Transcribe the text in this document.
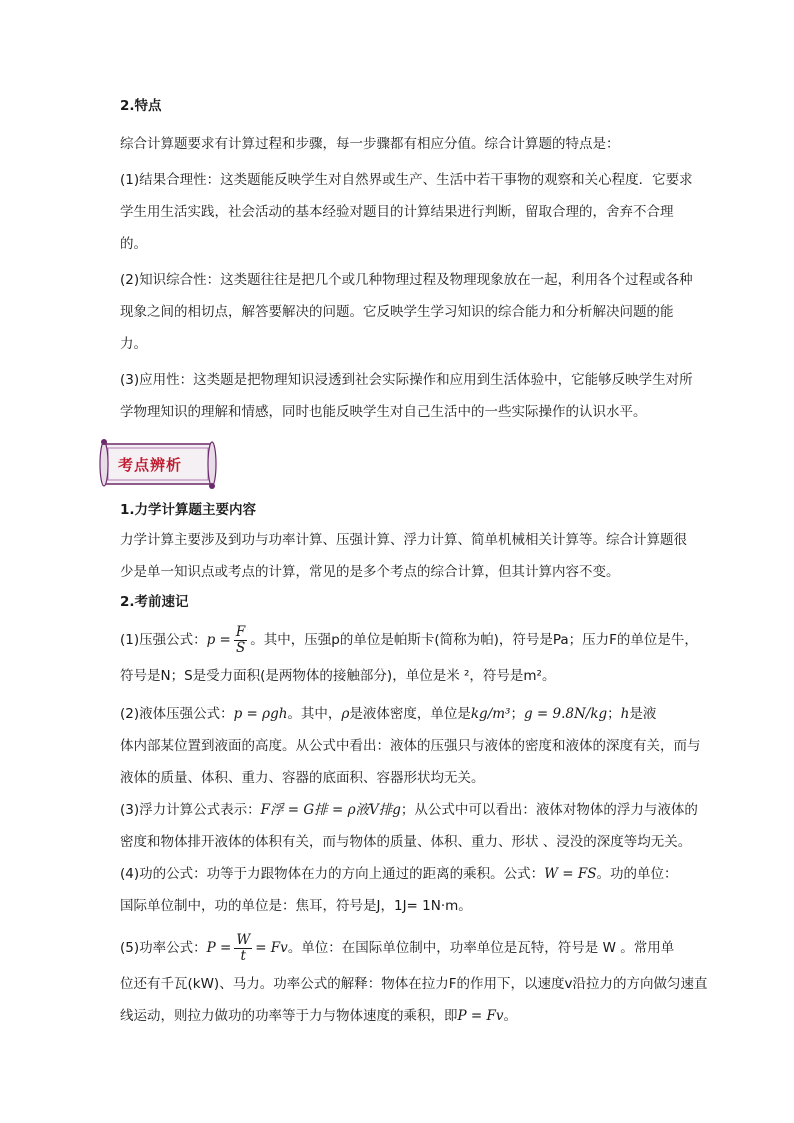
2.特点
综合计算题要求有计算过程和步骤，每一步骤都有相应分值。综合计算题的特点是：
(1)结果合理性：这类题能反映学生对自然界或生产、生活中若干事物的观察和关心程度．它要求学生用生活实践，社会活动的基本经验对题目的计算结果进行判断，留取合理的，舍弃不合理的。
(2)知识综合性：这类题往往是把几个或几种物理过程及物理现象放在一起，利用各个过程或各种现象之间的相切点，解答要解决的问题。它反映学生学习知识的综合能力和分析解决问题的能力。
(3)应用性：这类题是把物理知识浸透到社会实际操作和应用到生活体验中，它能够反映学生对所学物理知识的理解和情感，同时也能反映学生对自己生活中的一些实际操作的认识水平。
考点辨析
1.力学计算题主要内容
力学计算主要涉及到功与功率计算、压强计算、浮力计算、简单机械相关计算等。综合计算题很少是单一知识点或考点的计算，常见的是多个考点的综合计算，但其计算内容不变。
2.考前速记
(1)压强公式：$p = \frac{F}{S}$ 。其中，压强p的单位是帕斯卡(简称为帕)，符号是Pa；压力F的单位是牛，
符号是N；S是受力面积(是两物体的接触部分)，单位是米 ²，符号是m²。
(2)液体压强公式：p = ρgh。其中，ρ是液体密度，单位是kg/m³；g = 9.8N/kg；h是液
体内部某位置到液面的高度。从公式中看出：液体的压强只与液体的密度和液体的深度有关，而与
液体的质量、体积、重力、容器的底面积、容器形状均无关。
(3)浮力计算公式表示：F浮 = G排 = ρ液V排g；从公式中可以看出：液体对物体的浮力与液体的
密度和物体排开液体的体积有关，而与物体的质量、体积、重力、形状 、浸没的深度等均无关。
(4)功的公式：功等于力跟物体在力的方向上通过的距离的乘积。公式：W = FS。功的单位：
国际单位制中，功的单位是：焦耳，符号是J，1J= 1N·m。
(5)功率公式：$P = \frac{W}{t} = Fv$。单位：在国际单位制中，功率单位是瓦特，符号是 W 。常用单
位还有千瓦(kW)、马力。功率公式的解释：物体在拉力F的作用下，以速度v沿拉力的方向做匀速直
线运动，则拉力做功的功率等于力与物体速度的乘积，即P = Fv。
